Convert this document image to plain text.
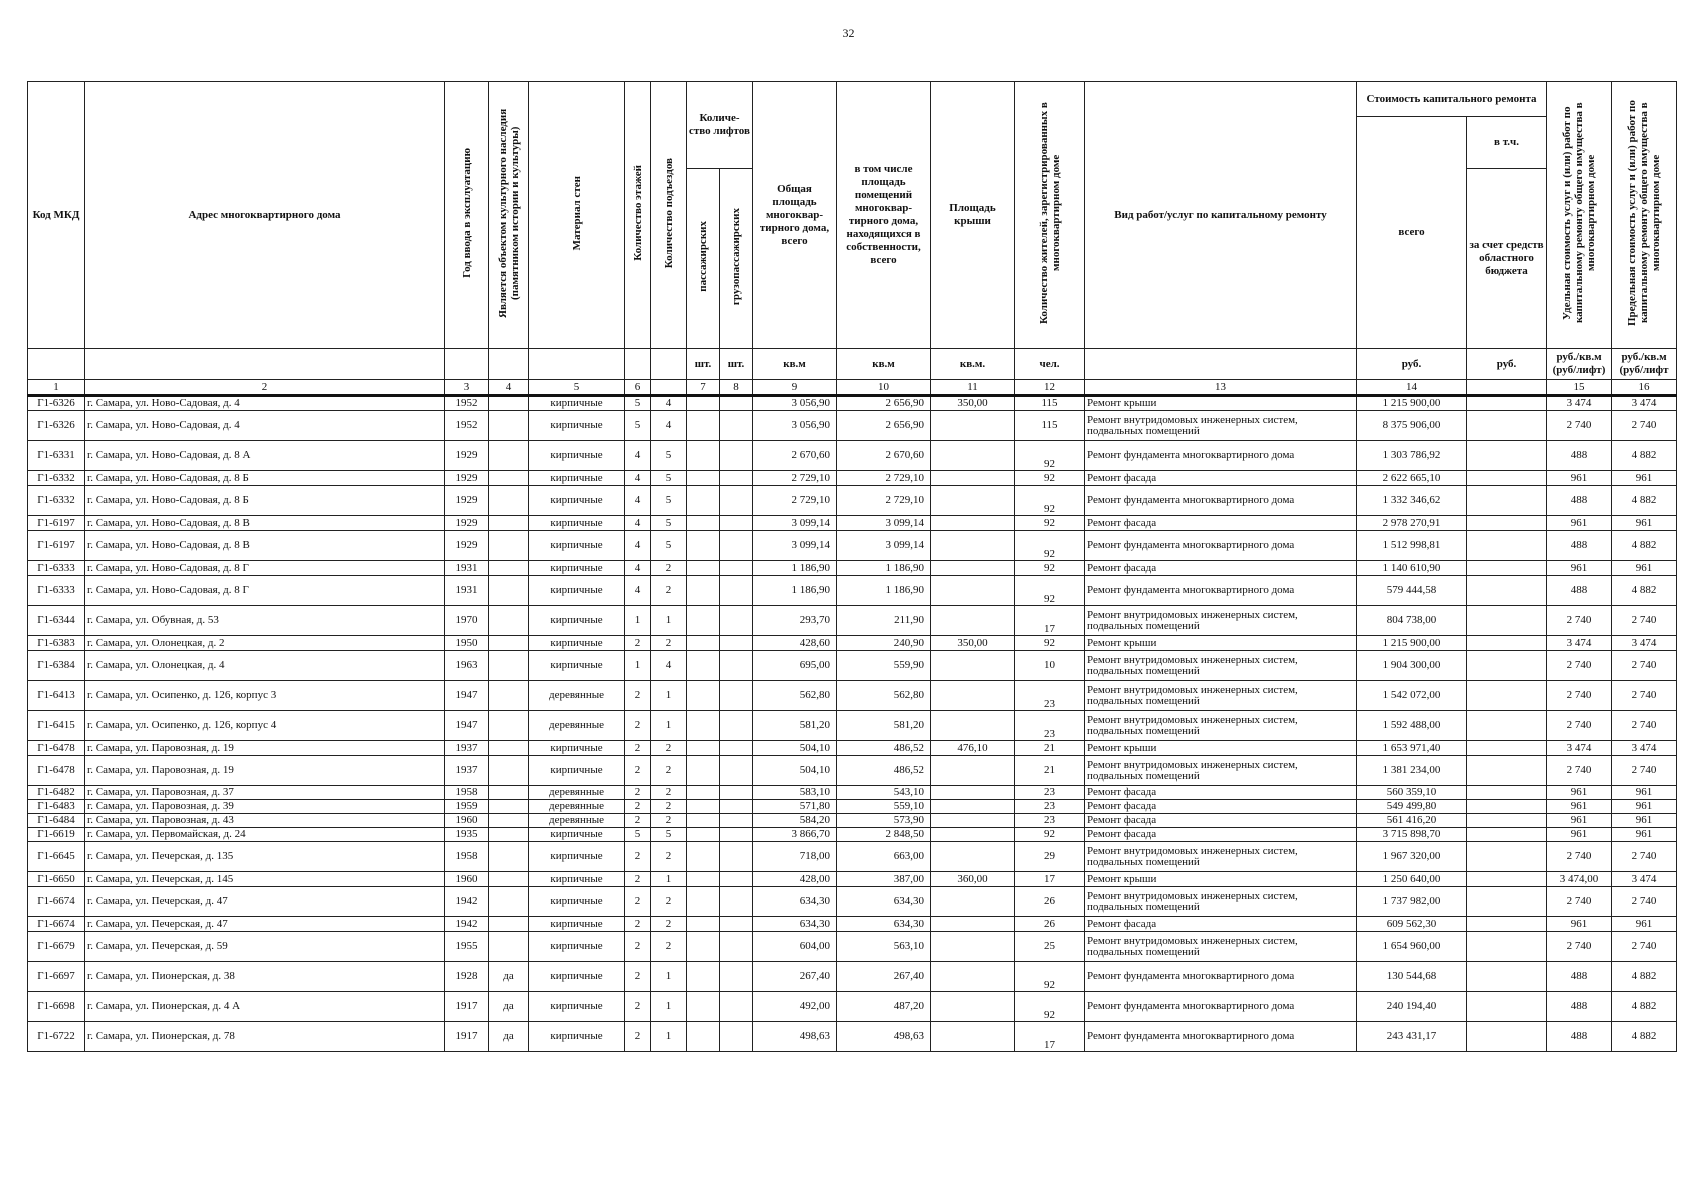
32
Код МКД	Адрес многоквартирного дома	Год ввода в эксплуатацию	Является объектом культурного наследия (памятником истории и культуры)	Материал стен	Количество этажей	Количество подъездов	Количе-ство лифтов		Общая площадь многоквар-тирного дома, всего	в том числе площадь помещений многоквар-тирного дома, находящихся в собственности, всего	Площадь крыши	Количество жителей, зарегистрированных в многоквартирном доме	Вид работ/услуг по капитальному ремонту	Стоимость капитального ремонта		Удельная стоимость услуг и (или) работ по капитальному ремонту общего имущества в многоквартирном доме	Предельная стоимость услуг и (или) работ по капитальному ремонту общего имущества в многоквартирном доме
														всего	в т.ч.		
							пассажирских	грузопассажирских							за счет средств областного бюджета		
							шт.	шт.	кв.м	кв.м	кв.м.	чел.		руб.	руб.	руб./кв.м (руб/лифт)	руб./кв.м (руб/лифт
1	2	3	4	5	6		7	8	9	10	11	12	13	14		15	16
Г1-6326	г. Самара, ул. Ново-Садовая, д. 4	1952		кирпичные	5	4			3 056,90	2 656,90	350,00	115	Ремонт крыши	1 215 900,00		3 474	3 474
Г1-6326	г. Самара, ул. Ново-Садовая, д. 4	1952		кирпичные	5	4			3 056,90	2 656,90		115	Ремонт внутридомовых инженерных систем, подвальных помещений	8 375 906,00		2 740	2 740
Г1-6331	г. Самара, ул. Ново-Садовая, д. 8 А	1929		кирпичные	4	5			2 670,60	2 670,60		92	Ремонт фундамента многоквартирного дома	1 303 786,92		488	4 882
Г1-6332	г. Самара, ул. Ново-Садовая, д. 8 Б	1929		кирпичные	4	5			2 729,10	2 729,10		92	Ремонт фасада	2 622 665,10		961	961
Г1-6332	г. Самара, ул. Ново-Садовая, д. 8 Б	1929		кирпичные	4	5			2 729,10	2 729,10		92	Ремонт фундамента многоквартирного дома	1 332 346,62		488	4 882
Г1-6197	г. Самара, ул. Ново-Садовая, д. 8 В	1929		кирпичные	4	5			3 099,14	3 099,14		92	Ремонт фасада	2 978 270,91		961	961
Г1-6197	г. Самара, ул. Ново-Садовая, д. 8 В	1929		кирпичные	4	5			3 099,14	3 099,14		92	Ремонт фундамента многоквартирного дома	1 512 998,81		488	4 882
Г1-6333	г. Самара, ул. Ново-Садовая, д. 8 Г	1931		кирпичные	4	2			1 186,90	1 186,90		92	Ремонт фасада	1 140 610,90		961	961
Г1-6333	г. Самара, ул. Ново-Садовая, д. 8 Г	1931		кирпичные	4	2			1 186,90	1 186,90		92	Ремонт фундамента многоквартирного дома	579 444,58		488	4 882
Г1-6344	г. Самара, ул. Обувная, д. 53	1970		кирпичные	1	1			293,70	211,90		17	Ремонт внутридомовых инженерных систем, подвальных помещений	804 738,00		2 740	2 740
Г1-6383	г. Самара, ул. Олонецкая, д. 2	1950		кирпичные	2	2			428,60	240,90	350,00	92	Ремонт крыши	1 215 900,00		3 474	3 474
Г1-6384	г. Самара, ул. Олонецкая, д. 4	1963		кирпичные	1	4			695,00	559,90		10	Ремонт внутридомовых инженерных систем, подвальных помещений	1 904 300,00		2 740	2 740
Г1-6413	г. Самара, ул. Осипенко, д. 126, корпус 3	1947		деревянные	2	1			562,80	562,80		23	Ремонт внутридомовых инженерных систем, подвальных помещений	1 542 072,00		2 740	2 740
Г1-6415	г. Самара, ул. Осипенко, д. 126, корпус 4	1947		деревянные	2	1			581,20	581,20		23	Ремонт внутридомовых инженерных систем, подвальных помещений	1 592 488,00		2 740	2 740
Г1-6478	г. Самара, ул. Паровозная, д. 19	1937		кирпичные	2	2			504,10	486,52	476,10	21	Ремонт крыши	1 653 971,40		3 474	3 474
Г1-6478	г. Самара, ул. Паровозная, д. 19	1937		кирпичные	2	2			504,10	486,52		21	Ремонт внутридомовых инженерных систем, подвальных помещений	1 381 234,00		2 740	2 740
Г1-6482	г. Самара, ул. Паровозная, д. 37	1958		деревянные	2	2			583,10	543,10		23	Ремонт фасада	560 359,10		961	961
Г1-6483	г. Самара, ул. Паровозная, д. 39	1959		деревянные	2	2			571,80	559,10		23	Ремонт фасада	549 499,80		961	961
Г1-6484	г. Самара, ул. Паровозная, д. 43	1960		деревянные	2	2			584,20	573,90		23	Ремонт фасада	561 416,20		961	961
Г1-6619	г. Самара, ул. Первомайская, д. 24	1935		кирпичные	5	5			3 866,70	2 848,50		92	Ремонт фасада	3 715 898,70		961	961
Г1-6645	г. Самара, ул. Печерская, д. 135	1958		кирпичные	2	2			718,00	663,00		29	Ремонт внутридомовых инженерных систем, подвальных помещений	1 967 320,00		2 740	2 740
Г1-6650	г. Самара, ул. Печерская, д. 145	1960		кирпичные	2	1			428,00	387,00	360,00	17	Ремонт крыши	1 250 640,00		3 474,00	3 474
Г1-6674	г. Самара, ул. Печерская, д. 47	1942		кирпичные	2	2			634,30	634,30		26	Ремонт внутридомовых инженерных систем, подвальных помещений	1 737 982,00		2 740	2 740
Г1-6674	г. Самара, ул. Печерская, д. 47	1942		кирпичные	2	2			634,30	634,30		26	Ремонт фасада	609 562,30		961	961
Г1-6679	г. Самара, ул. Печерская, д. 59	1955		кирпичные	2	2			604,00	563,10		25	Ремонт внутридомовых инженерных систем, подвальных помещений	1 654 960,00		2 740	2 740
Г1-6697	г. Самара, ул. Пионерская, д. 38	1928	да	кирпичные	2	1			267,40	267,40		92	Ремонт фундамента многоквартирного дома	130 544,68		488	4 882
Г1-6698	г. Самара, ул. Пионерская, д. 4 А	1917	да	кирпичные	2	1			492,00	487,20		92	Ремонт фундамента многоквартирного дома	240 194,40		488	4 882
Г1-6722	г. Самара, ул. Пионерская, д. 78	1917	да	кирпичные	2	1			498,63	498,63		17	Ремонт фундамента многоквартирного дома	243 431,17		488	4 882
